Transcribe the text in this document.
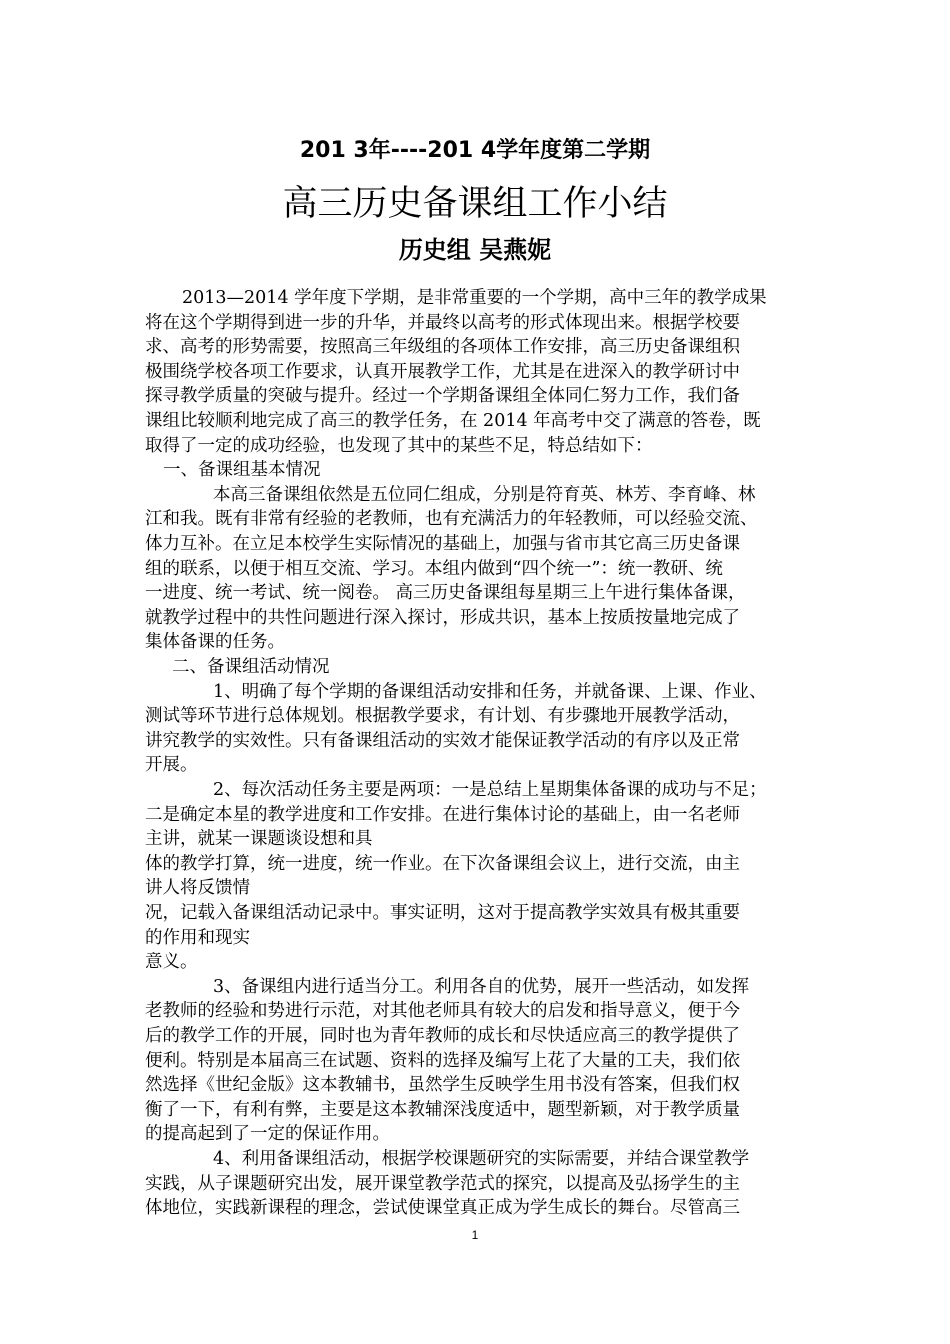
201 3年----201 4学年度第二学期
高三历史备课组工作小结
历史组 吴燕妮
2013—2014 学年度下学期，是非常重要的一个学期，高中三年的教学成果
将在这个学期得到进一步的升华，并最终以高考的形式体现出来。根据学校要
求、高考的形势需要，按照高三年级组的各项体工作安排，高三历史备课组积
极围绕学校各项工作要求，认真开展教学工作，尤其是在进深入的教学研讨中
探寻教学质量的突破与提升。经过一个学期备课组全体同仁努力工作，我们备
课组比较顺利地完成了高三的教学任务，在 2014 年高考中交了满意的答卷，既
取得了一定的成功经验，也发现了其中的某些不足，特总结如下：
一、备课组基本情况
本高三备课组依然是五位同仁组成，分别是符育英、林芳、李育峰、林
江和我。既有非常有经验的老教师，也有充满活力的年轻教师，可以经验交流、
体力互补。在立足本校学生实际情况的基础上，加强与省市其它高三历史备课
组的联系，以便于相互交流、学习。本组内做到“四个统一”：统一教研、统
一进度、统一考试、统一阅卷。 高三历史备课组每星期三上午进行集体备课，
就教学过程中的共性问题进行深入探讨，形成共识，基本上按质按量地完成了
集体备课的任务。
二、备课组活动情况
1、明确了每个学期的备课组活动安排和任务，并就备课、上课、作业、
测试等环节进行总体规划。根据教学要求，有计划、有步骤地开展教学活动，
讲究教学的实效性。只有备课组活动的实效才能保证教学活动的有序以及正常
开展。
2、每次活动任务主要是两项：一是总结上星期集体备课的成功与不足；
二是确定本星的教学进度和工作安排。在进行集体讨论的基础上，由一名老师
主讲，就某一课题谈设想和具
体的教学打算，统一进度，统一作业。在下次备课组会议上，进行交流，由主
讲人将反馈情
况，记载入备课组活动记录中。事实证明，这对于提高教学实效具有极其重要
的作用和现实
意义。
3、备课组内进行适当分工。利用各自的优势，展开一些活动，如发挥
老教师的经验和势进行示范，对其他老师具有较大的启发和指导意义，便于今
后的教学工作的开展，同时也为青年教师的成长和尽快适应高三的教学提供了
便利。特别是本届高三在试题、资料的选择及编写上花了大量的工夫，我们依
然选择《世纪金版》这本教辅书，虽然学生反映学生用书没有答案，但我们权
衡了一下，有利有弊，主要是这本教辅深浅度适中，题型新颖，对于教学质量
的提高起到了一定的保证作用。
4、利用备课组活动，根据学校课题研究的实际需要，并结合课堂教学
实践，从子课题研究出发，展开课堂教学范式的探究，以提高及弘扬学生的主
体地位，实践新课程的理念，尝试使课堂真正成为学生成长的舞台。尽管高三
1
